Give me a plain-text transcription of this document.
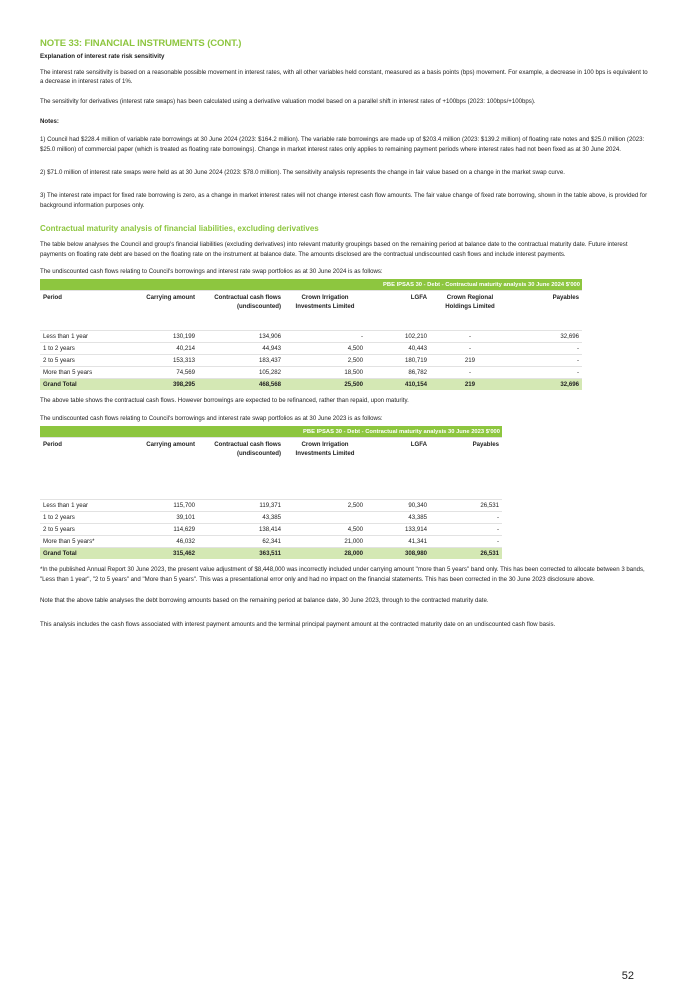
NOTE 33: FINANCIAL INSTRUMENTS (CONT.)
Explanation of interest rate risk sensitivity

The interest rate sensitivity is based on a reasonable possible movement in interest rates, with all other variables held constant, measured as a basis points (bps) movement. For example, a decrease in 100 bps is equivalent to a decrease in interest rates of 1%.

The sensitivity for derivatives (interest rate swaps) has been calculated using a derivative valuation model based on a parallel shift in interest rates of +100bps (2023: 100bps/+100bps).

Notes:

1) Council had $228.4 million of variable rate borrowings at 30 June 2024 (2023: $164.2 million). The variable rate borrowings are made up of $203.4 million (2023: $139.2 million) of floating rate notes and $25.0 million (2023: $25.0 million) of commercial paper (which is treated as floating rate borrowings). Change in market interest rates only applies to remaining payment periods where interest rates had not been fixed as at 30 June 2024.

2) $71.0 million of interest rate swaps were held as at 30 June 2024 (2023: $78.0 million). The sensitivity analysis represents the change in fair value based on a change in the market swap curve.

3) The interest rate impact for fixed rate borrowing is zero, as a change in market interest rates will not change interest cash flow amounts. The fair value change of fixed rate borrowing, shown in the table above, is provided for background information purposes only.

Contractual maturity analysis of financial liabilities, excluding derivatives

The table below analyses the Council and group's financial liabilities (excluding derivatives) into relevant maturity groupings based on the remaining period at balance date to the contractual maturity date. Future interest payments on floating rate debt are based on the floating rate on the instrument at balance date. The amounts disclosed are the contractual undiscounted cash flows and include interest payments.

The undiscounted cash flows relating to Council's borrowings and interest rate swap portfolios as at 30 June 2024 is as follows:

PBE IPSAS 30 - Debt - Contractual maturity analysis 30 June 2024 $'000						
Period	Carrying amount	Contractual cash flows (undiscounted)	Crown Irrigation Investments Limited	LGFA	Crown Regional Holdings Limited	Payables

Less than 1 year	130,199	134,906	-	102,210	-	32,696
1 to 2 years	40,214	44,943	4,500	40,443	-	-
2 to 5 years	153,313	183,437	2,500	180,719	219	-
More than 5 years	74,569	105,282	18,500	86,782	-	-
Grand Total	398,295	468,568	25,500	410,154	219	32,696

The above table shows the contractual cash flows. However borrowings are expected to be refinanced, rather than repaid, upon maturity.

The undiscounted cash flows relating to Council's borrowings and interest rate swap portfolios as at 30 June 2023 is as follows:

PBE IPSAS 30 - Debt - Contractual maturity analysis 30 June 2023 $'000					
Period	Carrying amount	Contractual cash flows (undiscounted)	Crown Irrigation Investments Limited	LGFA	Payables

Less than 1 year	115,700	119,371	2,500	90,340	26,531
1 to 2 years	39,101	43,385		43,385	-
2 to 5 years	114,629	138,414	4,500	133,914	-
More than 5 years*	46,032	62,341	21,000	41,341	-
Grand Total	315,462	363,511	28,000	308,980	26,531

*In the published Annual Report 30 June 2023, the present value adjustment of $8,448,000 was incorrectly included under carrying amount "more than 5 years" band only. This has been corrected to allocate between 3 bands, "Less than 1 year", "2 to 5 years" and "More than 5 years". This was a presentational error only and had no impact on the financial statements. This has been corrected in the 30 June 2023 disclosure above.

Note that the above table analyses the debt borrowing amounts based on the remaining period at balance date, 30 June 2023, through to the contracted maturity date.

This analysis includes the cash flows associated with interest payment amounts and the terminal principal payment amount at the contracted maturity date on an undiscounted cash flow basis.

52
